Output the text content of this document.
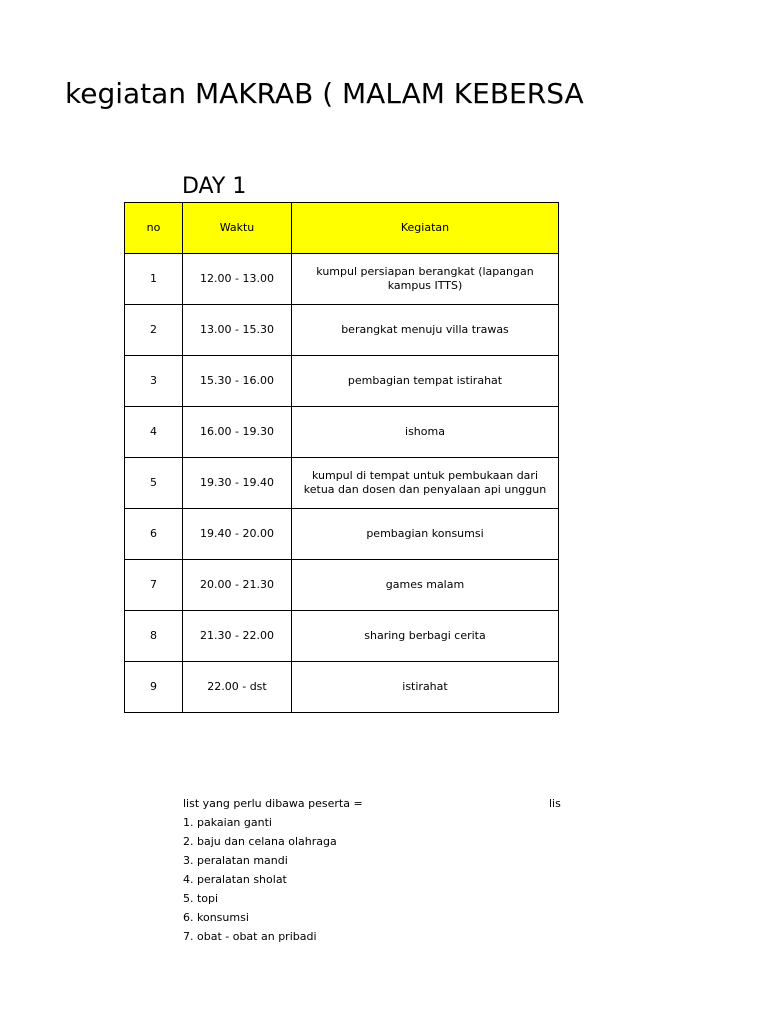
kegiatan MAKRAB ( MALAM KEBERSA
DAY 1
no	Waktu	Kegiatan
1	12.00 - 13.00	kumpul persiapan berangkat (lapangan kampus ITTS)
2	13.00 - 15.30	berangkat menuju villa trawas
3	15.30 - 16.00	pembagian tempat istirahat
4	16.00 - 19.30	ishoma
5	19.30 - 19.40	kumpul di tempat untuk pembukaan dari ketua dan dosen dan penyalaan api unggun
6	19.40 - 20.00	pembagian konsumsi
7	20.00 - 21.30	games malam
8	21.30 - 22.00	sharing berbagi cerita
9	22.00 - dst	istirahat
list yang perlu dibawa peserta =	lis
1. pakaian ganti
2. baju dan celana olahraga
3. peralatan mandi
4. peralatan sholat
5. topi
6. konsumsi
7. obat - obat an pribadi
